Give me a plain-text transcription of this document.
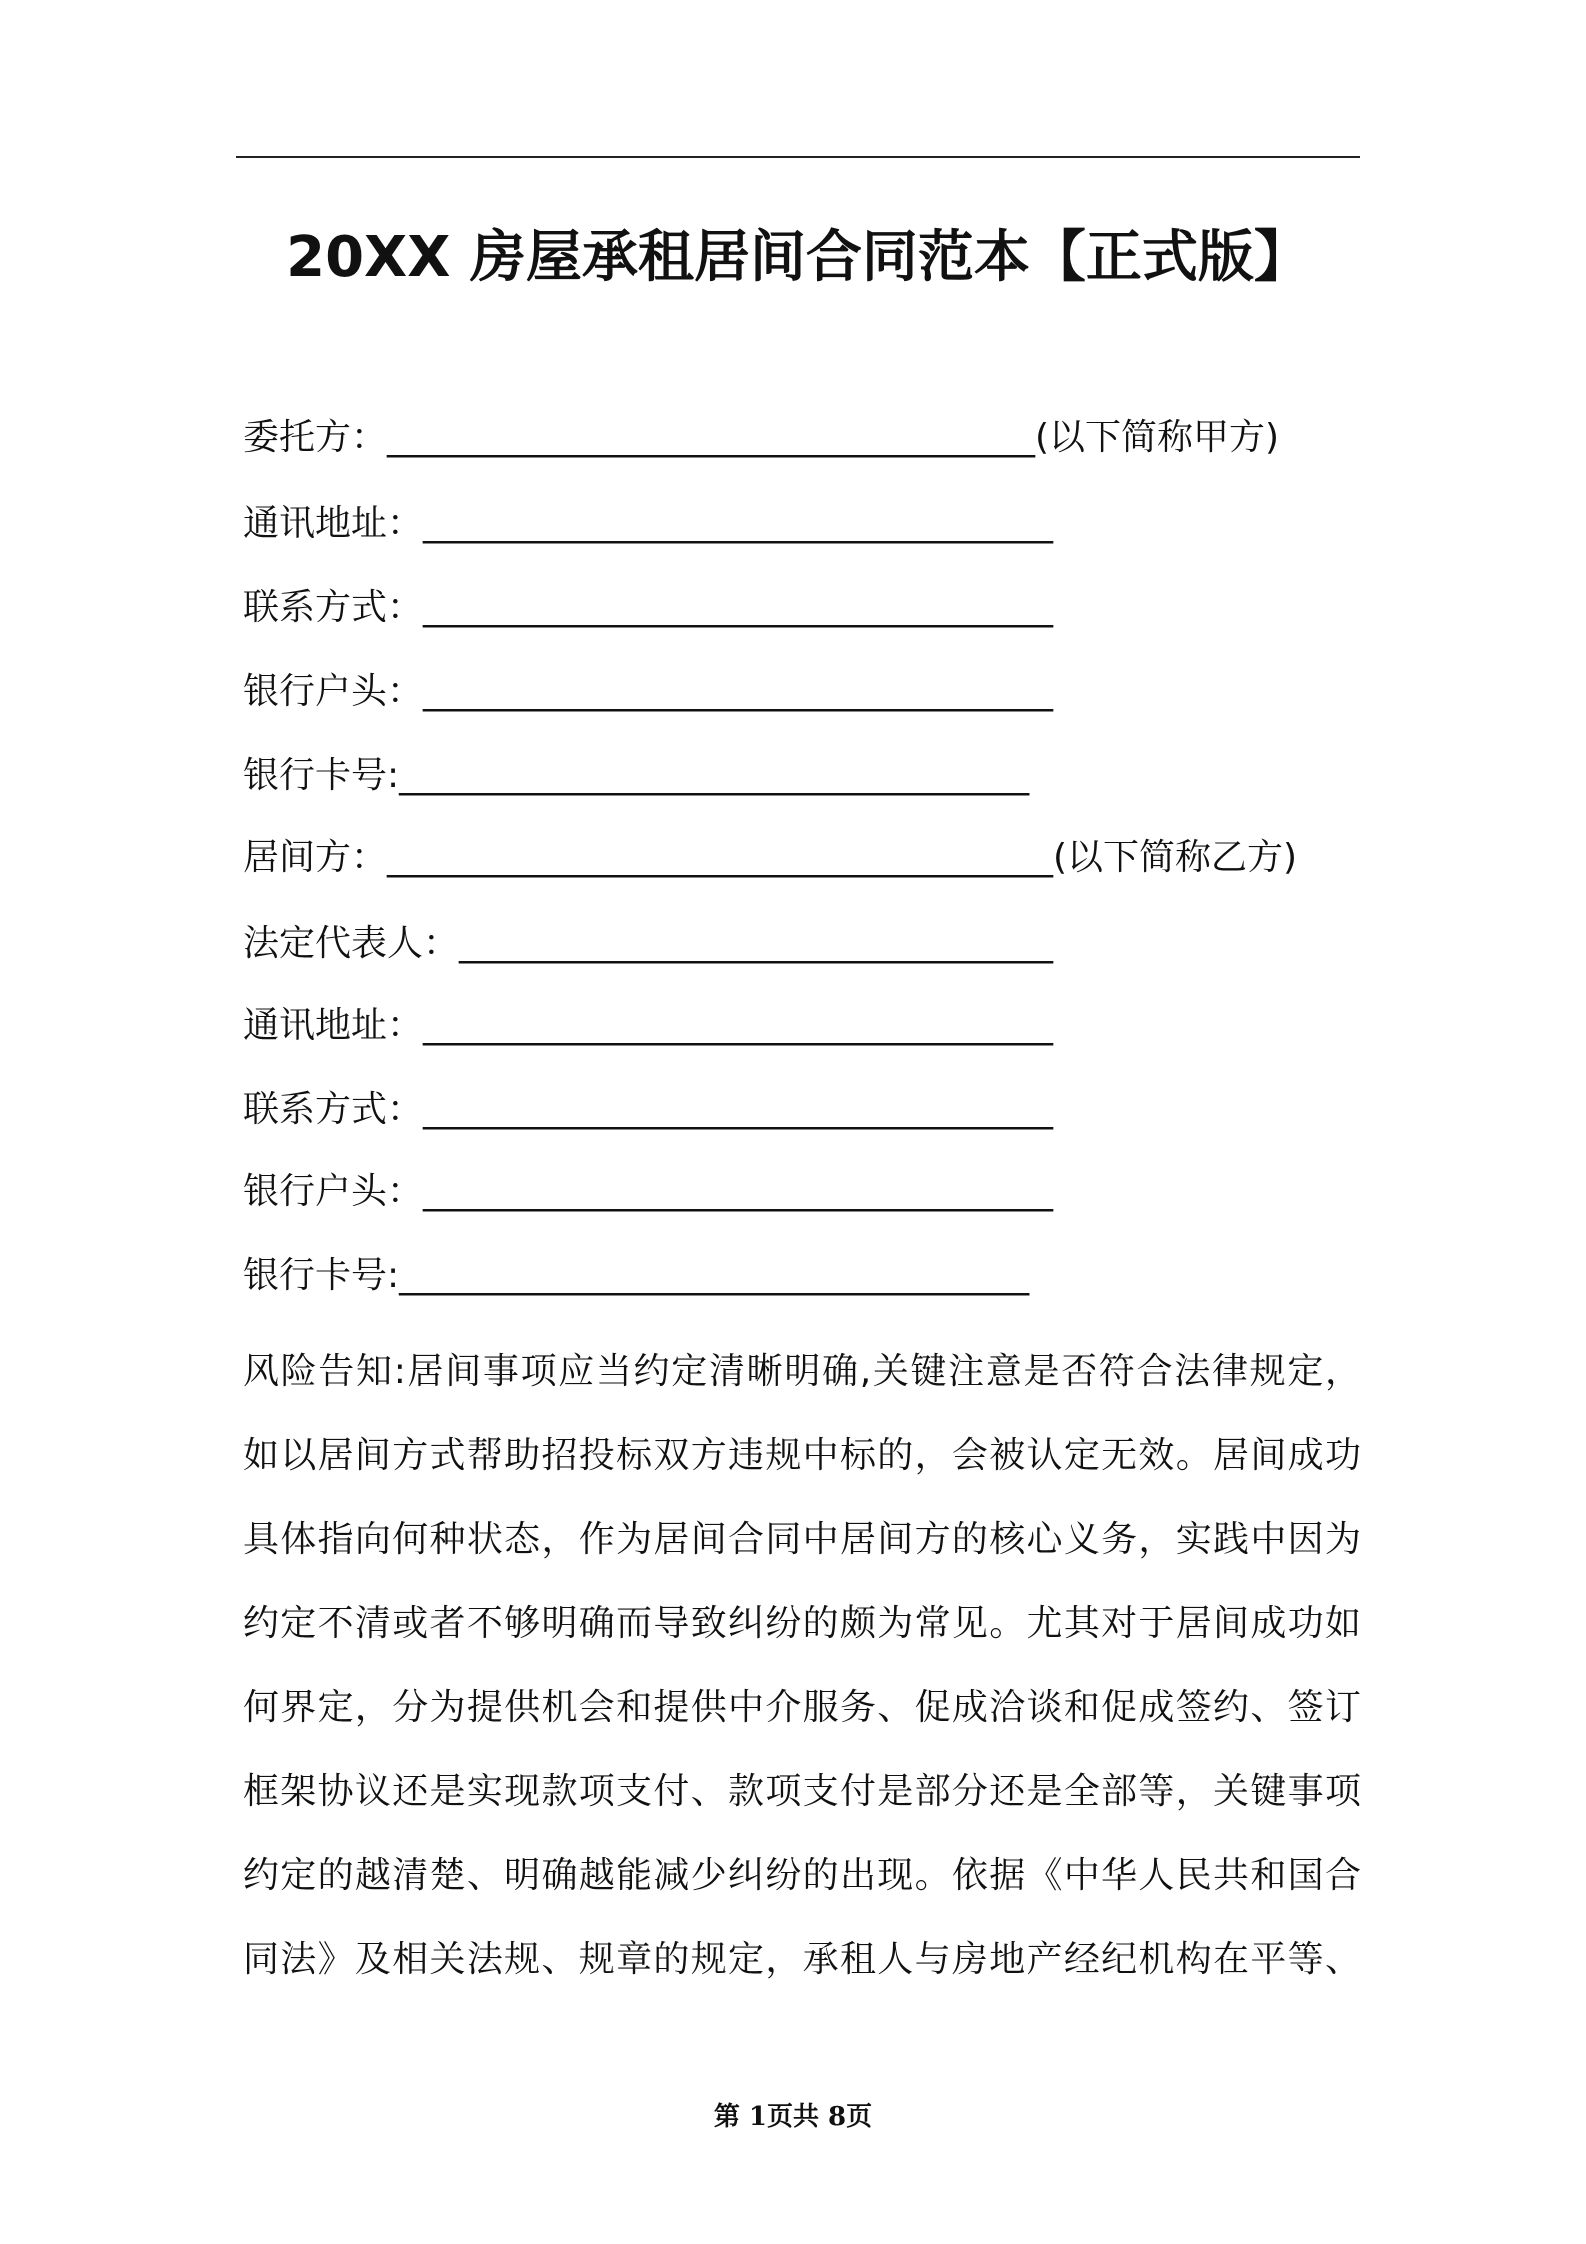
20XX 房屋承租居间合同范本【正式版】
委托方：____________________________________(以下简称甲方)
通讯地址：___________________________________
联系方式：___________________________________
银行户头：___________________________________
银行卡号:___________________________________
居间方：_____________________________________(以下简称乙方)
法定代表人：_________________________________
通讯地址：___________________________________
联系方式：___________________________________
银行户头：___________________________________
银行卡号:___________________________________

风险告知:居间事项应当约定清晰明确,关键注意是否符合法律规定，

如以居间方式帮助招投标双方违规中标的，会被认定无效。居间成功

具体指向何种状态，作为居间合同中居间方的核心义务，实践中因为

约定不清或者不够明确而导致纠纷的颇为常见。尤其对于居间成功如

何界定，分为提供机会和提供中介服务、促成洽谈和促成签约、签订

框架协议还是实现款项支付、款项支付是部分还是全部等，关键事项

约定的越清楚、明确越能减少纠纷的出现。依据《中华人民共和国合

同法》及相关法规、规章的规定，承租人与房地产经纪机构在平等、

第 1页共 8页
